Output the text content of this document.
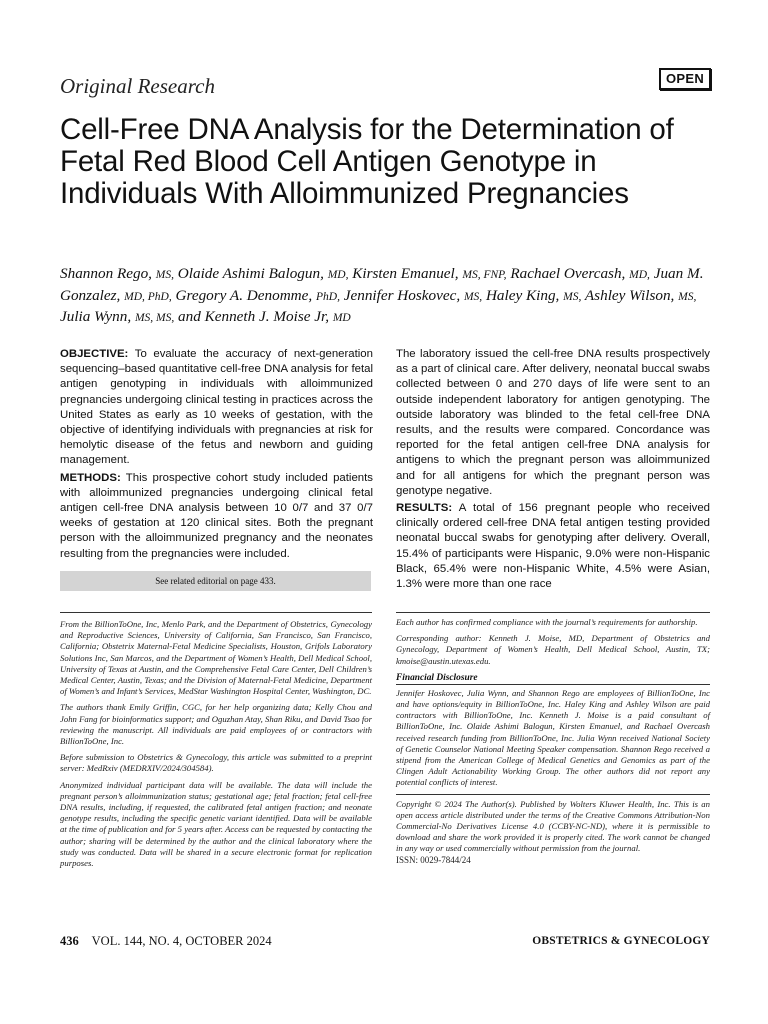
Original Research	OPEN
Cell-Free DNA Analysis for the Determination of Fetal Red Blood Cell Antigen Genotype in Individuals With Alloimmunized Pregnancies

Shannon Rego, MS, Olaide Ashimi Balogun, MD, Kirsten Emanuel, MS, FNP, Rachael Overcash, MD, Juan M. Gonzalez, MD, PhD, Gregory A. Denomme, PhD, Jennifer Hoskovec, MS, Haley King, MS, Ashley Wilson, MS, Julia Wynn, MS, MS, and Kenneth J. Moise Jr, MD

OBJECTIVE: To evaluate the accuracy of next-generation sequencing–based quantitative cell-free DNA analysis for fetal antigen genotyping in individuals with alloimmunized pregnancies undergoing clinical testing in practices across the United States as early as 10 weeks of gestation, with the objective of identifying individuals with pregnancies at risk for hemolytic disease of the fetus and newborn and guiding management.

METHODS: This prospective cohort study included patients with alloimmunized pregnancies undergoing clinical fetal antigen cell-free DNA analysis between 10 0/7 and 37 0/7 weeks of gestation at 120 clinical sites. Both the pregnant person with the alloimmunized pregnancy and the neonates resulting from the pregnancies were included.

See related editorial on page 433.

The laboratory issued the cell-free DNA results prospectively as a part of clinical care. After delivery, neonatal buccal swabs collected between 0 and 270 days of life were sent to an outside independent laboratory for antigen genotyping. The outside laboratory was blinded to the fetal cell-free DNA results, and the results were compared. Concordance was reported for the fetal antigen cell-free DNA analysis for antigens to which the pregnant person was alloimmunized and for all antigens for which the pregnant person was genotype negative.

RESULTS: A total of 156 pregnant people who received clinically ordered cell-free DNA fetal antigen testing provided neonatal buccal swabs for genotyping after delivery. Overall, 15.4% of participants were Hispanic, 9.0% were non-Hispanic Black, 65.4% were non-Hispanic White, 4.5% were Asian, 1.3% were more than one race

From the BillionToOne, Inc, Menlo Park, and the Department of Obstetrics, Gynecology and Reproductive Sciences, University of California, San Francisco, San Francisco, California; Obstetrix Maternal-Fetal Medicine Specialists, Houston, Grifols Laboratory Solutions Inc, San Marcos, and the Department of Women’s Health, Dell Medical School, University of Texas at Austin, and the Comprehensive Fetal Care Center, Dell Children’s Medical Center, Austin, Texas; and the Division of Maternal-Fetal Medicine, Department of Women’s and Infant’s Services, MedStar Washington Hospital Center, Washington, DC.

The authors thank Emily Griffin, CGC, for her help organizing data; Kelly Chou and John Fang for bioinformatics support; and Oguzhan Atay, Shan Riku, and David Tsao for reviewing the manuscript. All individuals are paid employees of or contractors with BillionToOne, Inc.

Before submission to Obstetrics & Gynecology, this article was submitted to a preprint server: MedRxiv (MEDRXIV/2024/304584).

Anonymized individual participant data will be available. The data will include the pregnant person’s alloimmunization status; gestational age; fetal fraction; fetal cell-free DNA results, including, if requested, the calibrated fetal antigen fraction; and neonate genotype results, including the specific genetic variant identified. Data will be available at the time of publication and for 5 years after. Access can be requested by contacting the author; sharing will be determined by the author and the clinical laboratory where the study was conducted. Data will be shared in a secure electronic format for replication purposes.

Each author has confirmed compliance with the journal’s requirements for authorship.

Corresponding author: Kenneth J. Moise, MD, Department of Obstetrics and Gynecology, Department of Women’s Health, Dell Medical School, Austin, TX; kmoise@austin.utexas.edu.

Financial Disclosure

Jennifer Hoskovec, Julia Wynn, and Shannon Rego are employees of BillionToOne, Inc and have options/equity in BillionToOne, Inc. Haley King and Ashley Wilson are paid contractors with BillionToOne, Inc. Kenneth J. Moise is a paid consultant of BillionToOne, Inc. Olaide Ashimi Balogun, Kirsten Emanuel, and Rachael Overcash received research funding from BillionToOne, Inc. Julia Wynn received National Society of Genetic Counselor National Meeting Speaker compensation. Shannon Rego received a stipend from the American College of Medical Genetics and Genomics as part of the Clingen Adult Actionability Working Group. The other authors did not report any potential conflicts of interest.

Copyright © 2024 The Author(s). Published by Wolters Kluwer Health, Inc. This is an open access article distributed under the terms of the Creative Commons Attribution-Non Commercial-No Derivatives License 4.0 (CCBY-NC-ND), where it is permissible to download and share the work provided it is properly cited. The work cannot be changed in any way or used commercially without permission from the journal.

ISSN: 0029-7844/24

436 VOL. 144, NO. 4, OCTOBER 2024	OBSTETRICS & GYNECOLOGY
